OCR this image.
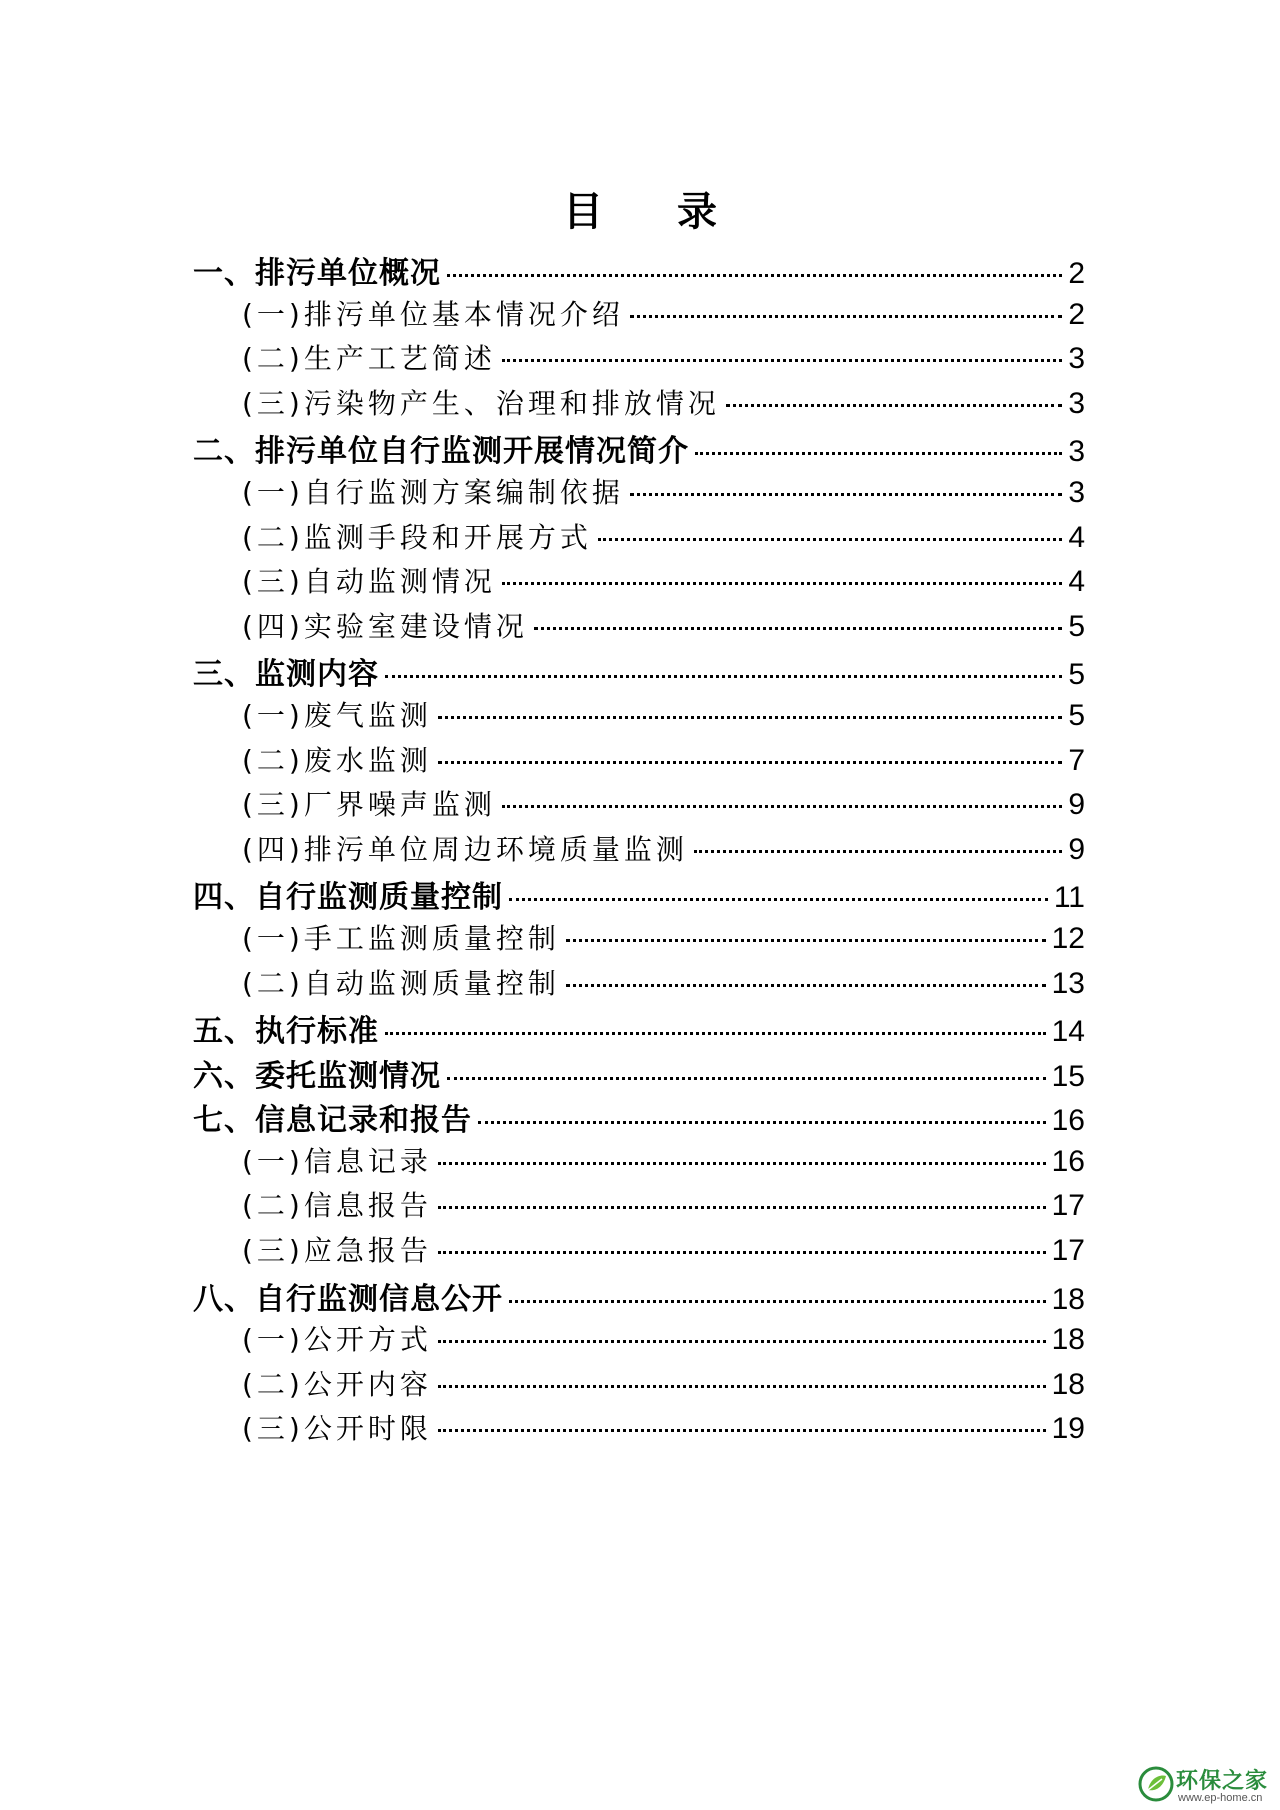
目 录
一、排污单位概况	2
(一)排污单位基本情况介绍	2
(二)生产工艺简述	3
(三)污染物产生、治理和排放情况	3
二、排污单位自行监测开展情况简介	3
(一)自行监测方案编制依据	3
(二)监测手段和开展方式	4
(三)自动监测情况	4
(四)实验室建设情况	5
三、监测内容	5
(一)废气监测	5
(二)废水监测	7
(三)厂界噪声监测	9
(四)排污单位周边环境质量监测	9
四、自行监测质量控制	11
(一)手工监测质量控制	12
(二)自动监测质量控制	13
五、执行标准	14
六、委托监测情况	15
七、信息记录和报告	16
(一)信息记录	16
(二)信息报告	17
(三)应急报告	17
八、自行监测信息公开	18
(一)公开方式	18
(二)公开内容	18
(三)公开时限	19
环保之家
www.ep-home.cn
